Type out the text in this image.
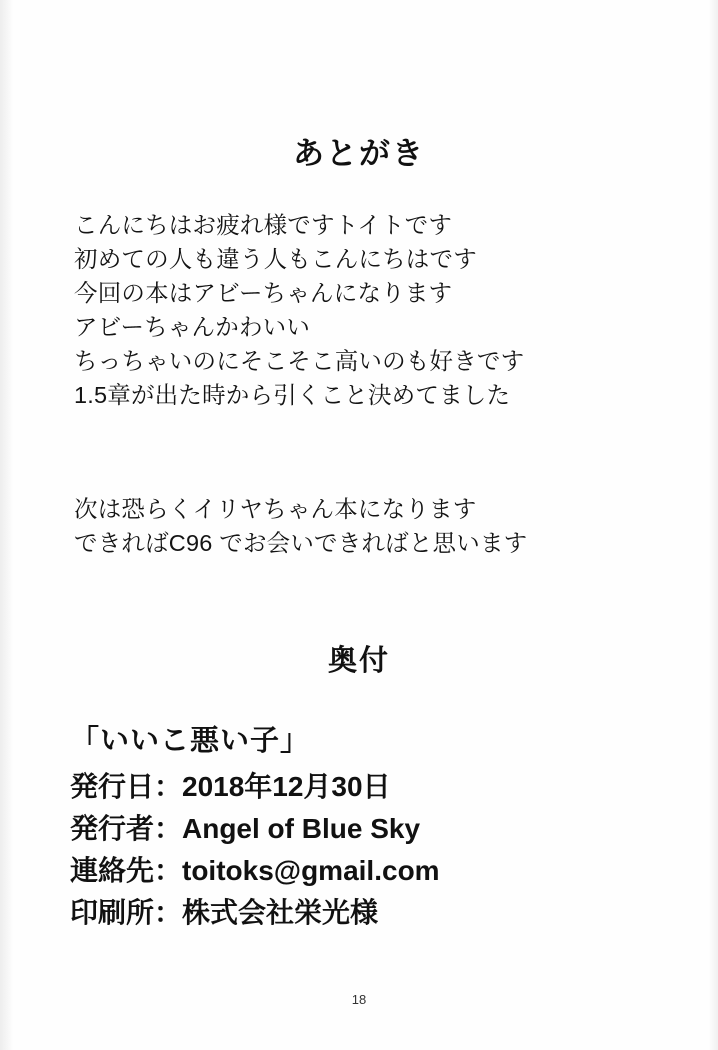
あとがき
こんにちはお疲れ様ですトイトです
初めての人も違う人もこんにちはです
今回の本はアビーちゃんになります
アビーちゃんかわいい
ちっちゃいのにそこそこ高いのも好きです
1.5章が出た時から引くこと決めてました
次は恐らくイリヤちゃん本になります
できればC96 でお会いできればと思います
奥付
「いいこ悪い子」
発行日：2018年12月30日
発行者：Angel of Blue Sky
連絡先：toitoks@gmail.com
印刷所：株式会社栄光様
18
